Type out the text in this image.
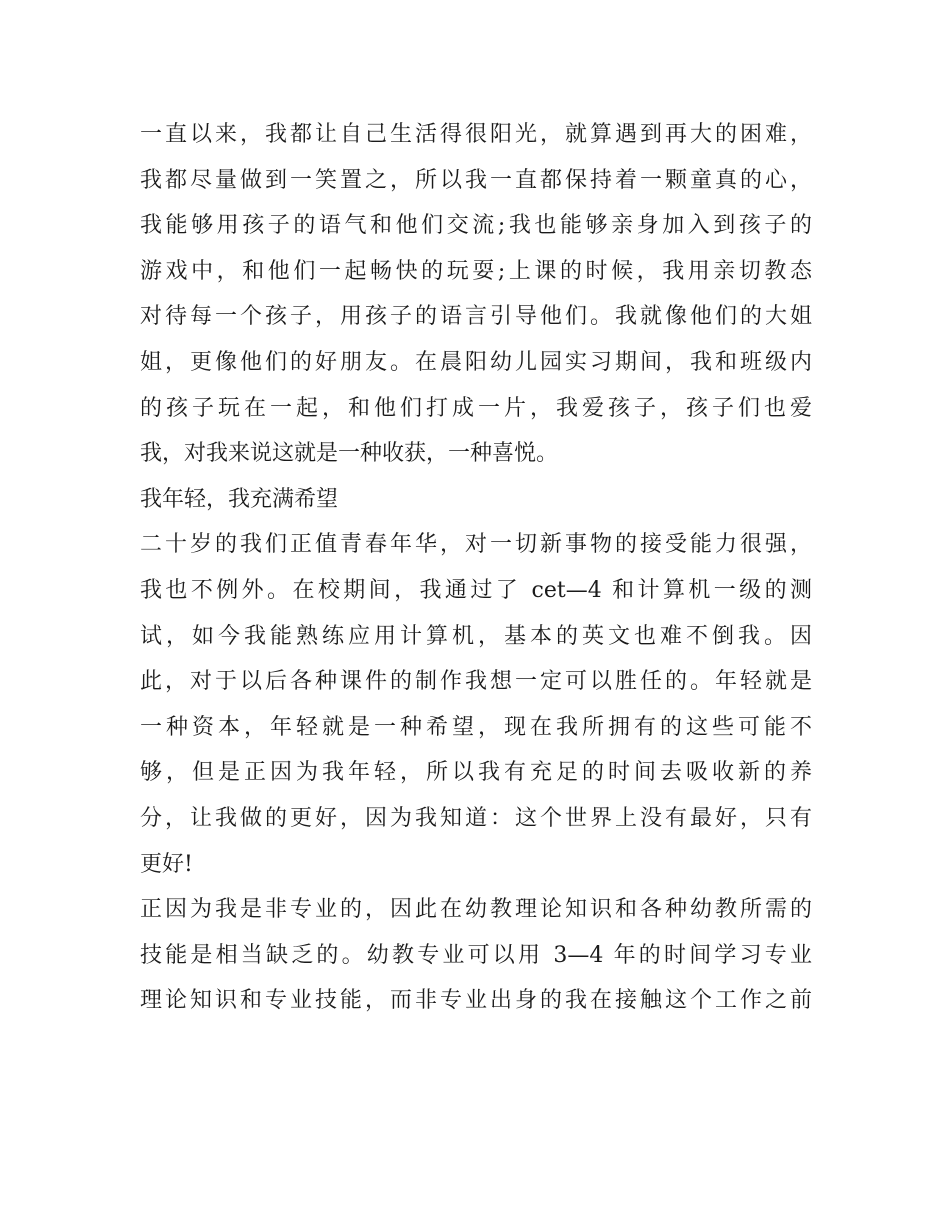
一直以来，我都让自己生活得很阳光，就算遇到再大的困难，
我都尽量做到一笑置之，所以我一直都保持着一颗童真的心，
我能够用孩子的语气和他们交流;我也能够亲身加入到孩子的
游戏中，和他们一起畅快的玩耍;上课的时候，我用亲切教态
对待每一个孩子，用孩子的语言引导他们。我就像他们的大姐
姐，更像他们的好朋友。在晨阳幼儿园实习期间，我和班级内
的孩子玩在一起，和他们打成一片，我爱孩子，孩子们也爱
我，对我来说这就是一种收获，一种喜悦。
我年轻，我充满希望
二十岁的我们正值青春年华，对一切新事物的接受能力很强，
我也不例外。在校期间，我通过了 cet—4 和计算机一级的测
试，如今我能熟练应用计算机，基本的英文也难不倒我。因
此，对于以后各种课件的制作我想一定可以胜任的。年轻就是
一种资本，年轻就是一种希望，现在我所拥有的这些可能不
够，但是正因为我年轻，所以我有充足的时间去吸收新的养
分，让我做的更好，因为我知道：这个世界上没有最好，只有
更好!
正因为我是非专业的，因此在幼教理论知识和各种幼教所需的
技能是相当缺乏的。幼教专业可以用 3—4 年的时间学习专业
理论知识和专业技能，而非专业出身的我在接触这个工作之前
